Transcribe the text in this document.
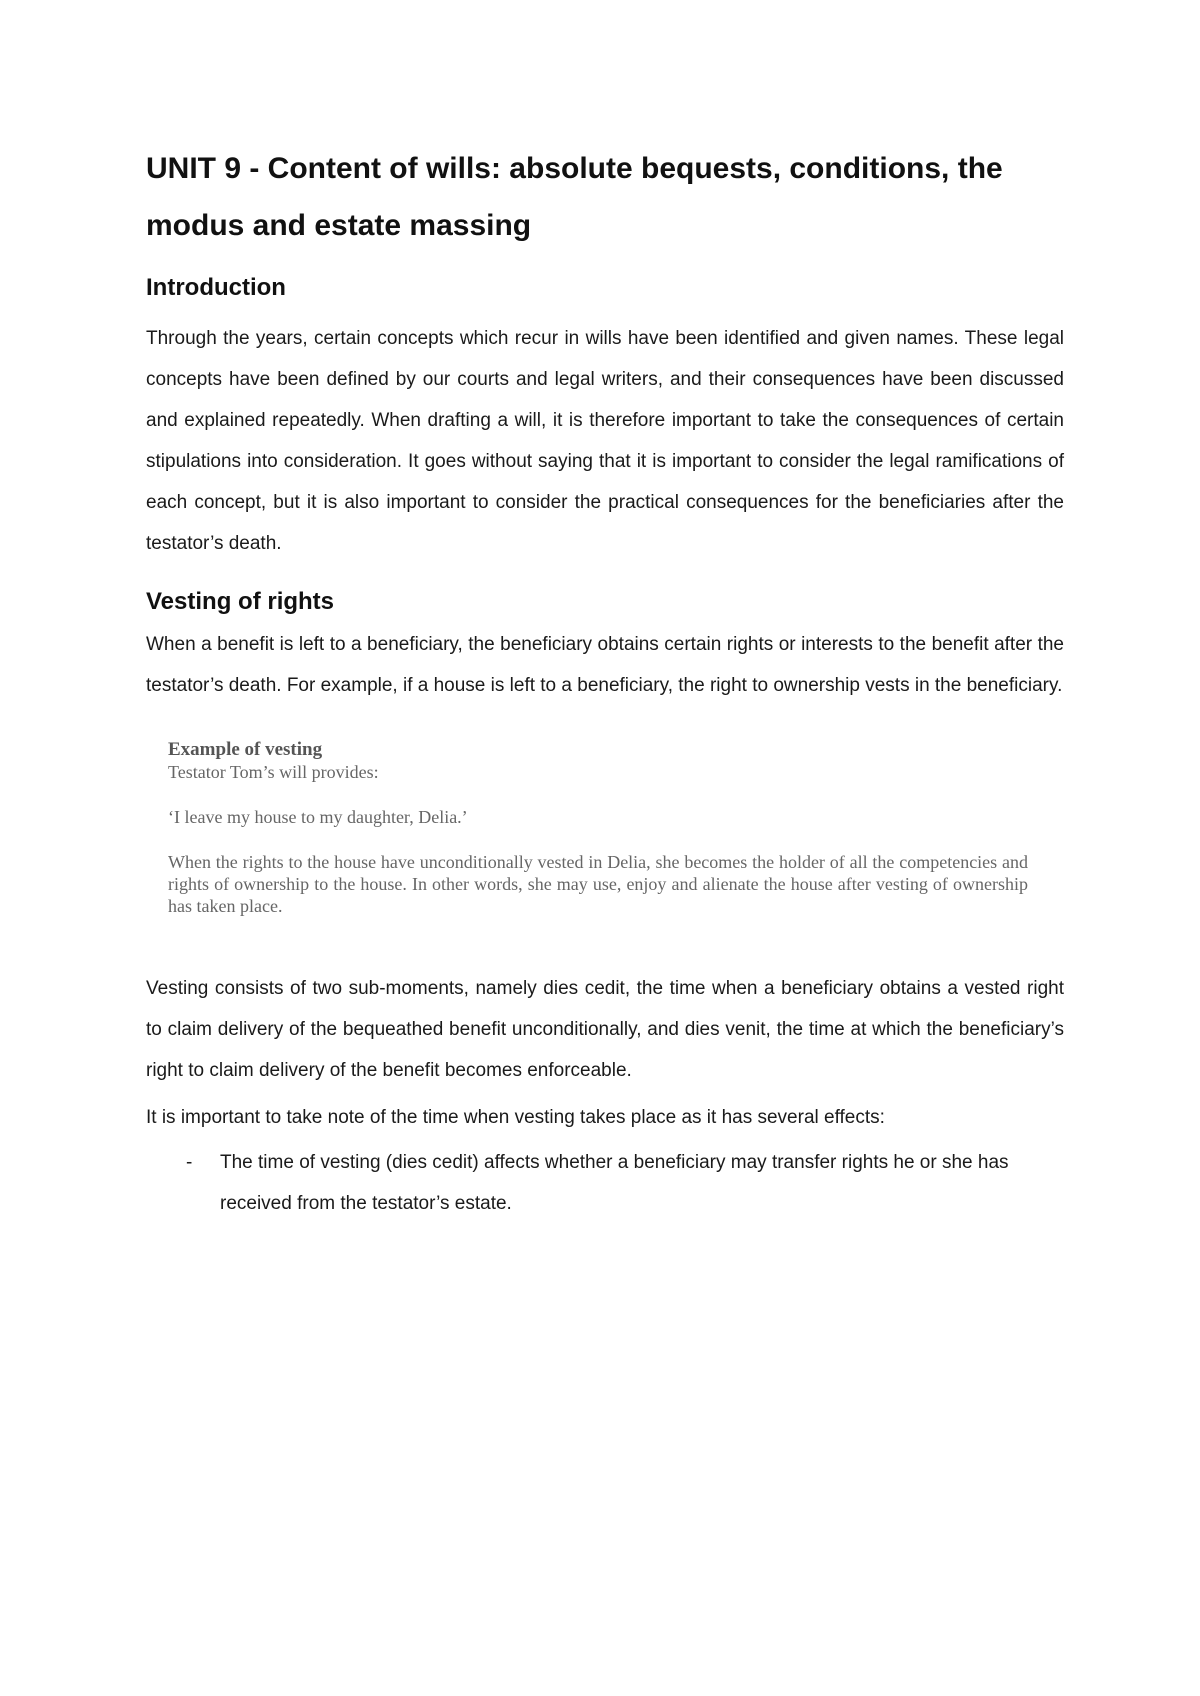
UNIT 9 - Content of wills: absolute bequests, conditions, the modus and estate massing
Introduction

Through the years, certain concepts which recur in wills have been identified and given names. These legal concepts have been defined by our courts and legal writers, and their consequences have been discussed and explained repeatedly. When drafting a will, it is therefore important to take the consequences of certain stipulations into consideration. It goes without saying that it is important to consider the legal ramifications of each concept, but it is also important to consider the practical consequences for the beneficiaries after the testator’s death.

Vesting of rights

When a benefit is left to a beneficiary, the beneficiary obtains certain rights or interests to the benefit after the testator’s death. For example, if a house is left to a beneficiary, the right to ownership vests in the beneficiary.

Example of vesting

Testator Tom’s will provides:

‘I leave my house to my daughter, Delia.’

When the rights to the house have unconditionally vested in Delia, she becomes the holder of all the competencies and rights of ownership to the house. In other words, she may use, enjoy and alienate the house after vesting of ownership has taken place.

Vesting consists of two sub-moments, namely dies cedit, the time when a beneficiary obtains a vested right to claim delivery of the bequeathed benefit unconditionally, and dies venit, the time at which the beneficiary’s right to claim delivery of the benefit becomes enforceable.

It is important to take note of the time when vesting takes place as it has several effects:

-	The time of vesting (dies cedit) affects whether a beneficiary may transfer rights he or she has received from the testator’s estate.
